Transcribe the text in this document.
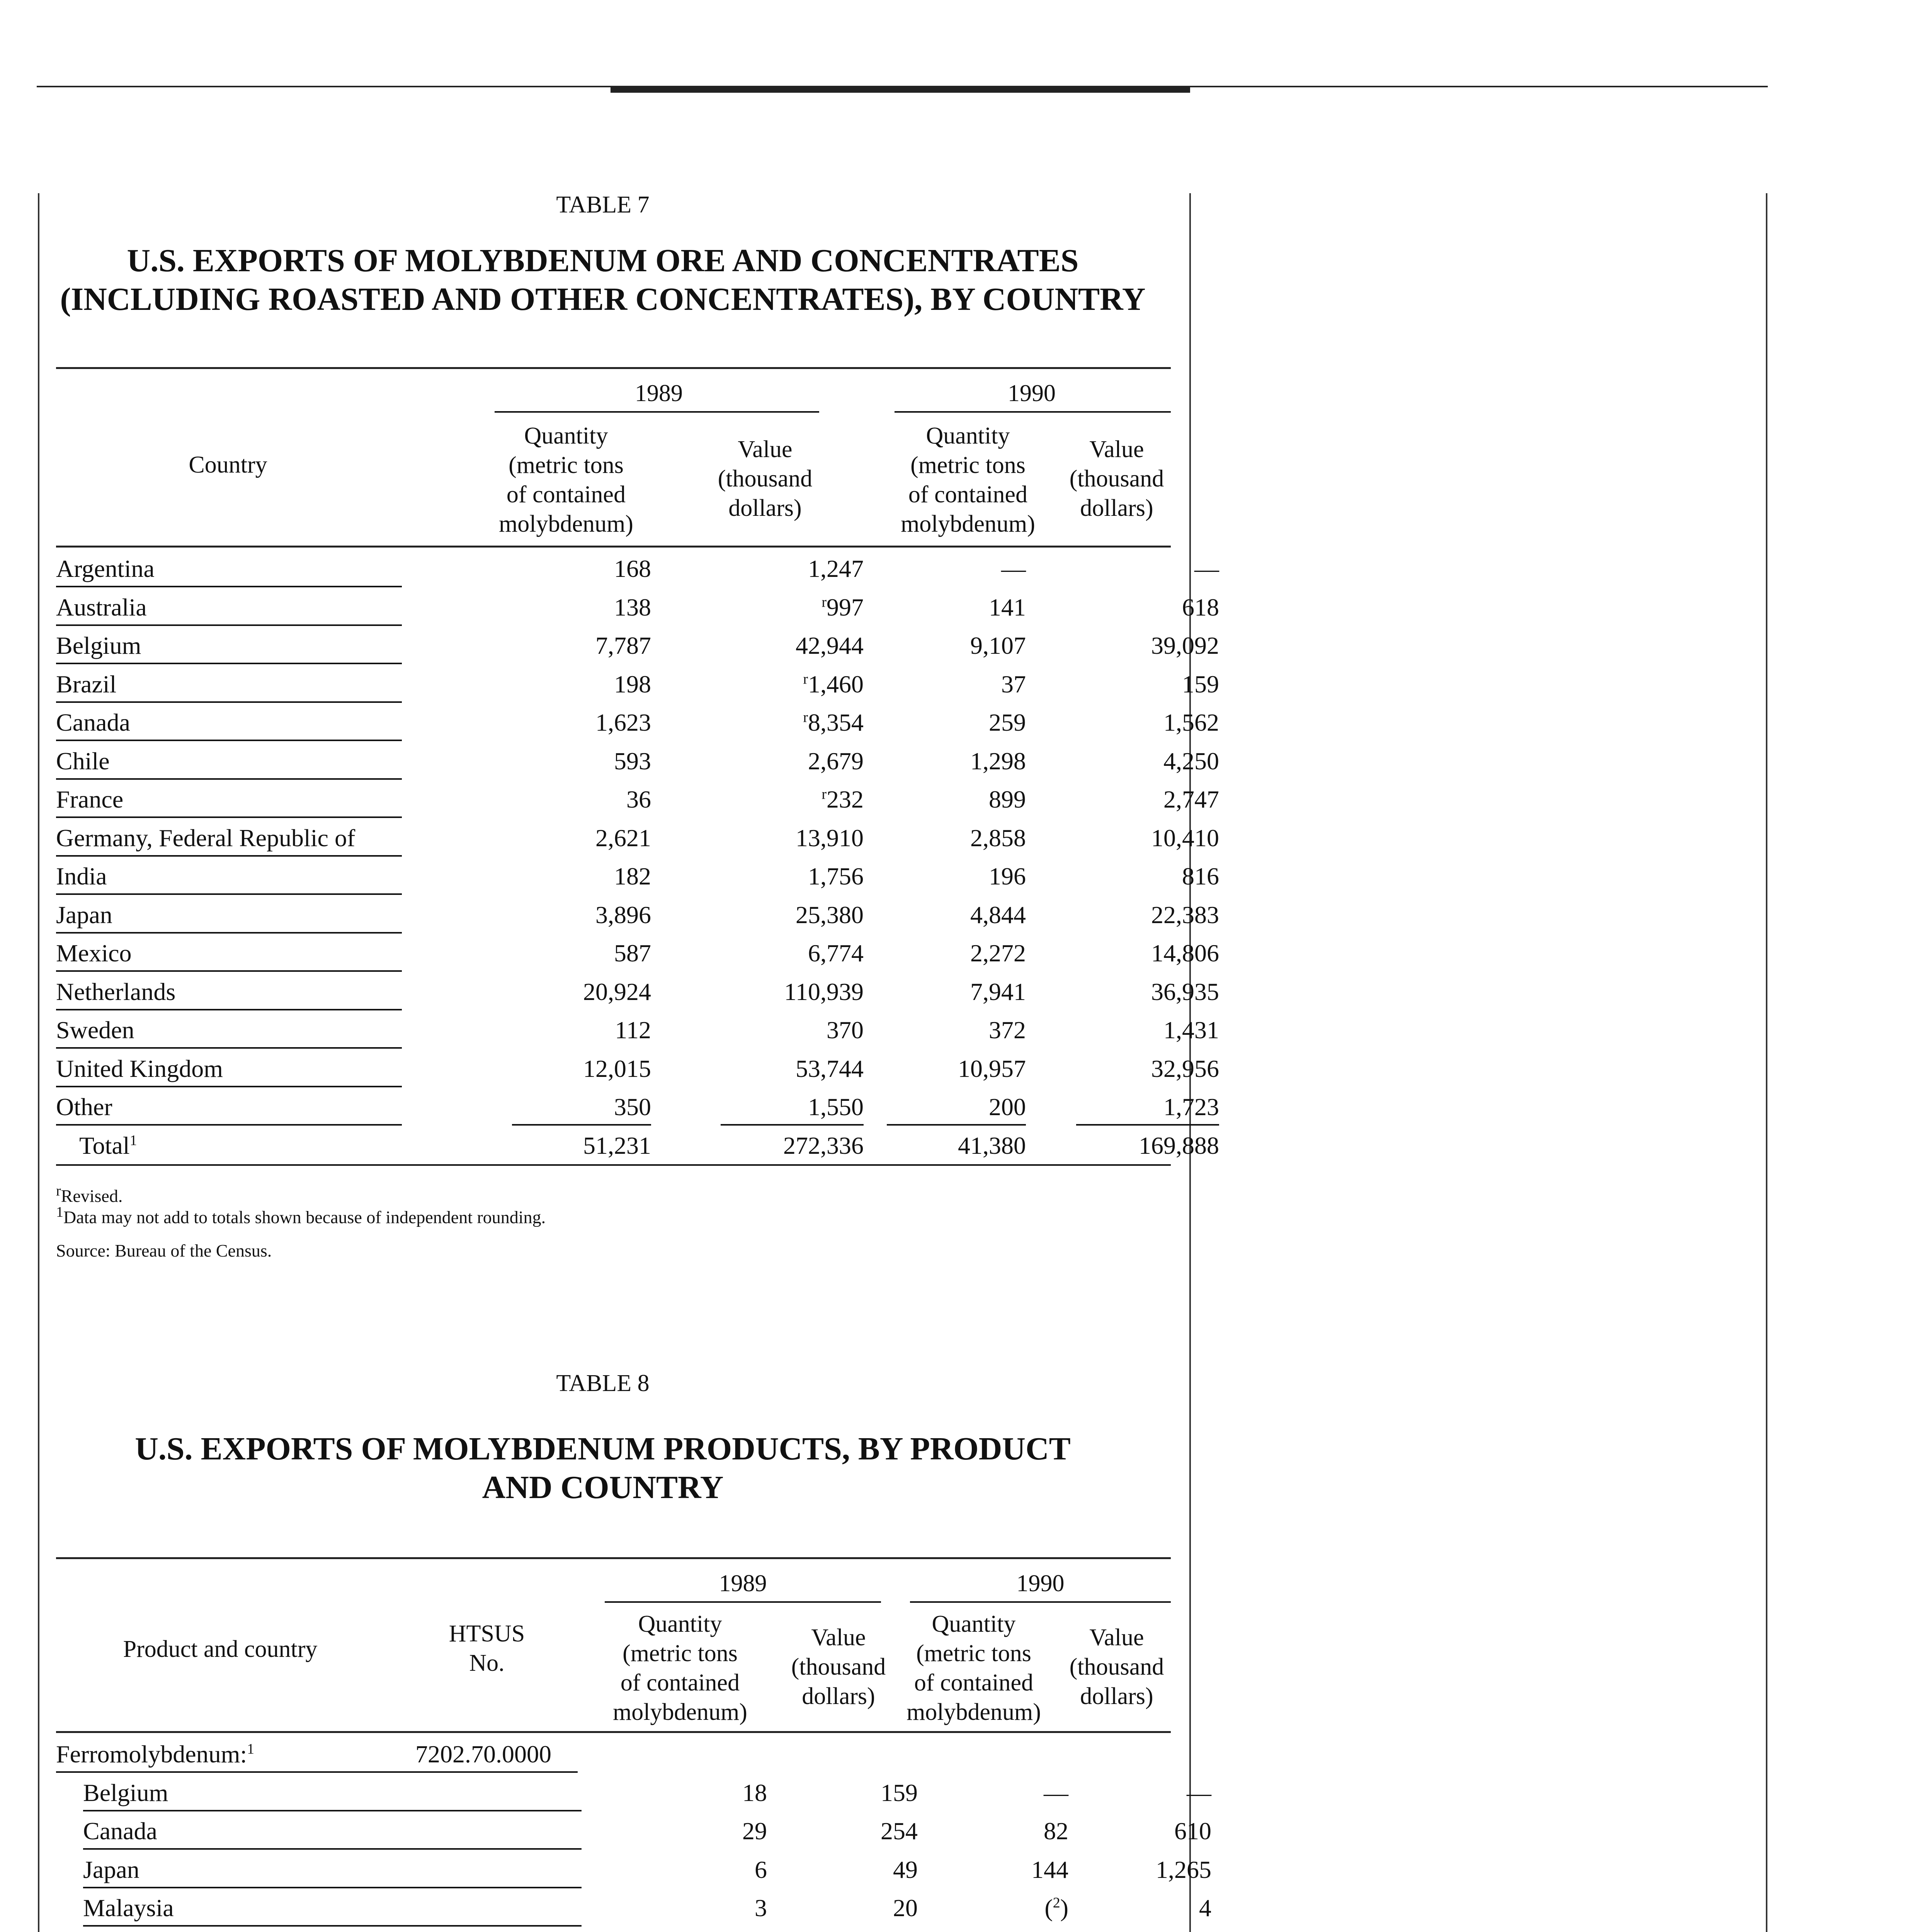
TABLE 7
U.S. EXPORTS OF MOLYBDENUM ORE AND CONCENTRATES
(INCLUDING ROASTED AND OTHER CONCENTRATES), BY COUNTRY
Country
1989	1990
Quantity
(metric tons
of contained
molybdenum)
Value
(thousand
dollars)
Quantity
(metric tons
of contained
molybdenum)
Value
(thousand
dollars)
Argentina	168	1,247	—	—
Australia	138	$^r$997	141	618
Belgium	7,787	42,944	9,107	39,092
Brazil	198	$^r$1,460	37	159
Canada	1,623	$^r$8,354	259	1,562
Chile	593	2,679	1,298	4,250
France	36	$^r$232	899	2,747
Germany, Federal Republic of	2,621	13,910	2,858	10,410
India	182	1,756	196	816
Japan	3,896	25,380	4,844	22,383
Mexico	587	6,774	2,272	14,806
Netherlands	20,924	110,939	7,941	36,935
Sweden	112	370	372	1,431
United Kingdom	12,015	53,744	10,957	32,956
Other	350	1,550	200	1,723
Total$^1$	51,231	272,336	41,380	169,888
$^r$Revised.
$^1$Data may not add to totals shown because of independent rounding.
Source: Bureau of the Census.
TABLE 8
U.S. EXPORTS OF MOLYBDENUM PRODUCTS, BY PRODUCT
AND COUNTRY
Product and country
HTSUS
No.
1989	1990
Quantity
(metric tons
of contained
molybdenum)
Value
(thousand
dollars)
Quantity
(metric tons
of contained
molybdenum)
Value
(thousand
dollars)
Ferromolybdenum:$^1$	7202.70.0000
Belgium	18	159	—	—
Canada	29	254	82	610
Japan	6	49	144	1,265
Malaysia	3	20	($^2$)	4
